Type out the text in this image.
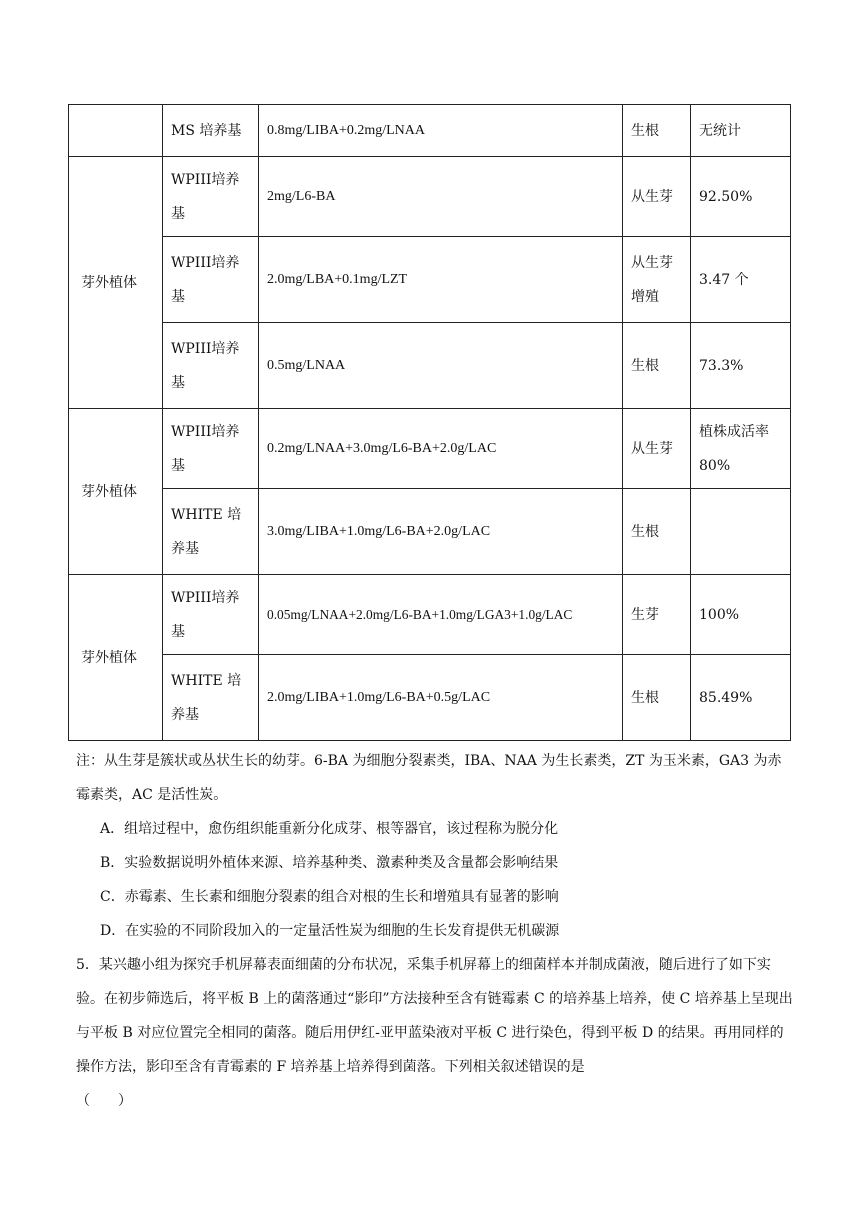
	MS 培养基	0.8mg/LIBA+0.2mg/LNAA	生根	无统计
芽外植体	WPIII培养基	2mg/L6-BA	从生芽	92.50%
	WPIII培养基	2.0mg/LBA+0.1mg/LZT	从生芽增殖	3.47 个
	WPIII培养基	0.5mg/LNAA	生根	73.3%
芽外植体	WPIII培养基	0.2mg/LNAA+3.0mg/L6-BA+2.0g/LAC	从生芽	植株成活率 80%
	WHITE 培养基	3.0mg/LIBA+1.0mg/L6-BA+2.0g/LAC	生根	
芽外植体	WPIII培养基	0.05mg/LNAA+2.0mg/L6-BA+1.0mg/LGA3+1.0g/LAC	生芽	100%
	WHITE 培养基	2.0mg/LIBA+1.0mg/L6-BA+0.5g/LAC	生根	85.49%

注：从生芽是簇状或丛状生长的幼芽。6-BA 为细胞分裂素类，IBA、NAA 为生长素类，ZT 为玉米素，GA3 为赤霉素类，AC 是活性炭。

A．组培过程中，愈伤组织能重新分化成芽、根等器官，该过程称为脱分化

B．实验数据说明外植体来源、培养基种类、激素种类及含量都会影响结果

C．赤霉素、生长素和细胞分裂素的组合对根的生长和增殖具有显著的影响

D．在实验的不同阶段加入的一定量活性炭为细胞的生长发育提供无机碳源

5．某兴趣小组为探究手机屏幕表面细菌的分布状况，采集手机屏幕上的细菌样本并制成菌液，随后进行了如下实验。在初步筛选后，将平板 B 上的菌落通过“影印”方法接种至含有链霉素 C 的培养基上培养，使 C 培养基上呈现出与平板 B 对应位置完全相同的菌落。随后用伊红-亚甲蓝染液对平板 C 进行染色，得到平板 D 的结果。再用同样的操作方法，影印至含有青霉素的 F 培养基上培养得到菌落。下列相关叙述错误的是
（　　）
